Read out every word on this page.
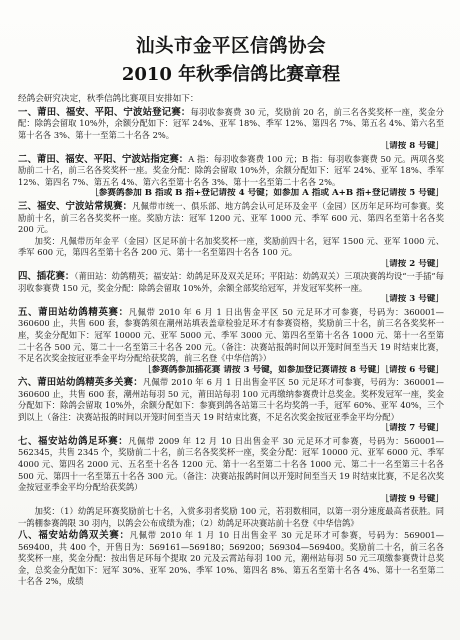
汕头市金平区信鸽协会
2010 年秋季信鸽比赛章程
经鸽会研究决定，秋季信鸽比赛项目安排如下：
一、莆田、福安、平阳、宁波站登记赛：每羽收参赛费 30 元，奖励前 20 名，前三名各奖奖杯一座，奖金分配：除鸽会留取 10%外，余额分配如下：冠军 24%、亚军 18%、季军 12%、第四名 7%、第五名 4%、第六名至第十名各 3%、第十一至第二十名各 2%。
［请按 8 号键］
二、莆田、福安、平阳、宁波站指定赛：A 指：每羽收参赛费 100 元；B 指：每羽收参赛费 50 元。两项各奖励前二十名，前三名各奖奖杯一座。奖金分配：除鸽会留取 10%外，余额分配如下：冠军 24%、亚军 18%、季军 12%、第四名 7%、第五名 4%、第六名至第十名各 3%、第十一名至第二十名各 2%。
［参赛鸽参加 B 指或 B 指+登记请按 4 号键；如参加 A 指或 A+B 指+登记请按 5 号键］
三、福安、宁波站常规赛：凡佩带市统一、俱乐部、地方鸽会认可足环及金平（金园）区历年足环均可参赛。奖励前十名，前三名各奖奖杯一座。奖励方法：冠军 1200 元、亚军 1000 元、季军 600 元、第四名至第十名各奖 200 元。
加奖：凡佩带历年金平（金园）区足环前十名加奖奖杯一座，奖励前四十名，冠军 1500 元、亚军 1000 元、季军 600 元，第四名至第十名各 200 元、第十一名至第四十名各 100 元。
［请按 2 号键］
四、插花赛：（莆田站：幼鸽精英；福安站：幼鸽足环及双关足环；平阳站：幼鸽双关）三项决赛鸽均设“一手插”每羽收参赛费 150 元，奖金分配：除鸽会留取 10%外，余额全部奖给冠军，并发冠军奖杯一座。
［请按 3 号键］
五、莆田站幼鸽精英赛：凡佩带 2010 年 6 月 1 日出售金平区 50 元足环才可参赛，号码为：360001—360600 止，共售 600 套，参赛鸽须在潮州站填表盖章检验足环才有参赛资格，奖励前三十名，前三名各奖奖杯一座，奖金分配如下：冠军 10000 元、亚军 5000 元、季军 3000 元、第四名至第十名各 1000 元、第十一名至第二十名各 500 元、第二十一名至第三十名各 200 元。（备注：决赛站报鸽时间以开笼时间至当天 19 时结束比赛，不足名次奖金按冠亚季金平均分配给获奖鸽，前三名登《中华信鸽》）
［参赛鸽参加插花赛 请按 3 号键，如参加登记赛请按 8 号键］［请按 6 号键］
六、莆田站幼鸽精英多关赛：凡佩带 2010 年 6 月 1 日出售金平区 50 元足环才可参赛，号码为：360001—360600 止，共售 600 套，潮州站每羽 50 元，莆田站每羽 100 元再缴纳参赛费计总奖金。奖杯发冠军一座，奖金分配如下：除鸽会留取 10%外，余额分配如下：参赛到鸽各站第三十名均奖鸽一手，冠军 60%、亚军 40%，三个到以上（备注：决赛站报鸽时间以开笼时间至当天 19 时结束比赛，不足名次奖金按冠亚季金平均分配）
［请按 7 号键］
七、福安站幼鸽足环赛：凡佩带 2009 年 12 月 10 日出售金平 30 元足环才可参赛，号码为：560001—562345，共售 2345 个，奖励前二十名，前三名各奖奖杯一座，奖金分配：冠军 10000 元、亚军 6000 元、季军 4000 元、第四名 2000 元、五名至十名各 1200 元、第十一名至第二十名各 1000 元、第二十一名至第三十名各 500 元、第四十一名至第五十名各 300 元。（备注：决赛站报鸽时间以开笼时间至当天 19 时结束比赛，不足名次奖金按冠亚季金平均分配给获奖鸽）
［请按 9 号键］
加奖：（1）幼鸽足环赛奖励前七十名，入赏多羽者奖励 100 元，若羽数相同，以第一羽分速度最高者获胜。同一鸽棚参赛鸽限 30 羽内，以鸽会公布成绩为准；（2）幼鸽足环决赛站前十名登《中华信鸽》
八、福安站幼鸽双关赛：凡佩带 2010 年 1 月 10 日出售金平 30 元足环才可参赛，号码为：569001—569400，共 400 个，开售日为：569161—569180；569200；569304—569400。奖励前二十名，前三名各奖奖杯一座，奖金分配：按出售足环每个提取 20 元及云霄站每羽 100 元，潮州站每羽 50 元三项缴参赛费计总奖金，总奖金分配如下：冠军 30%、亚军 20%、季军 10%、第四名 8%、第五名至第十名各 4%、第十一名至第二十名各 2%，成绩
